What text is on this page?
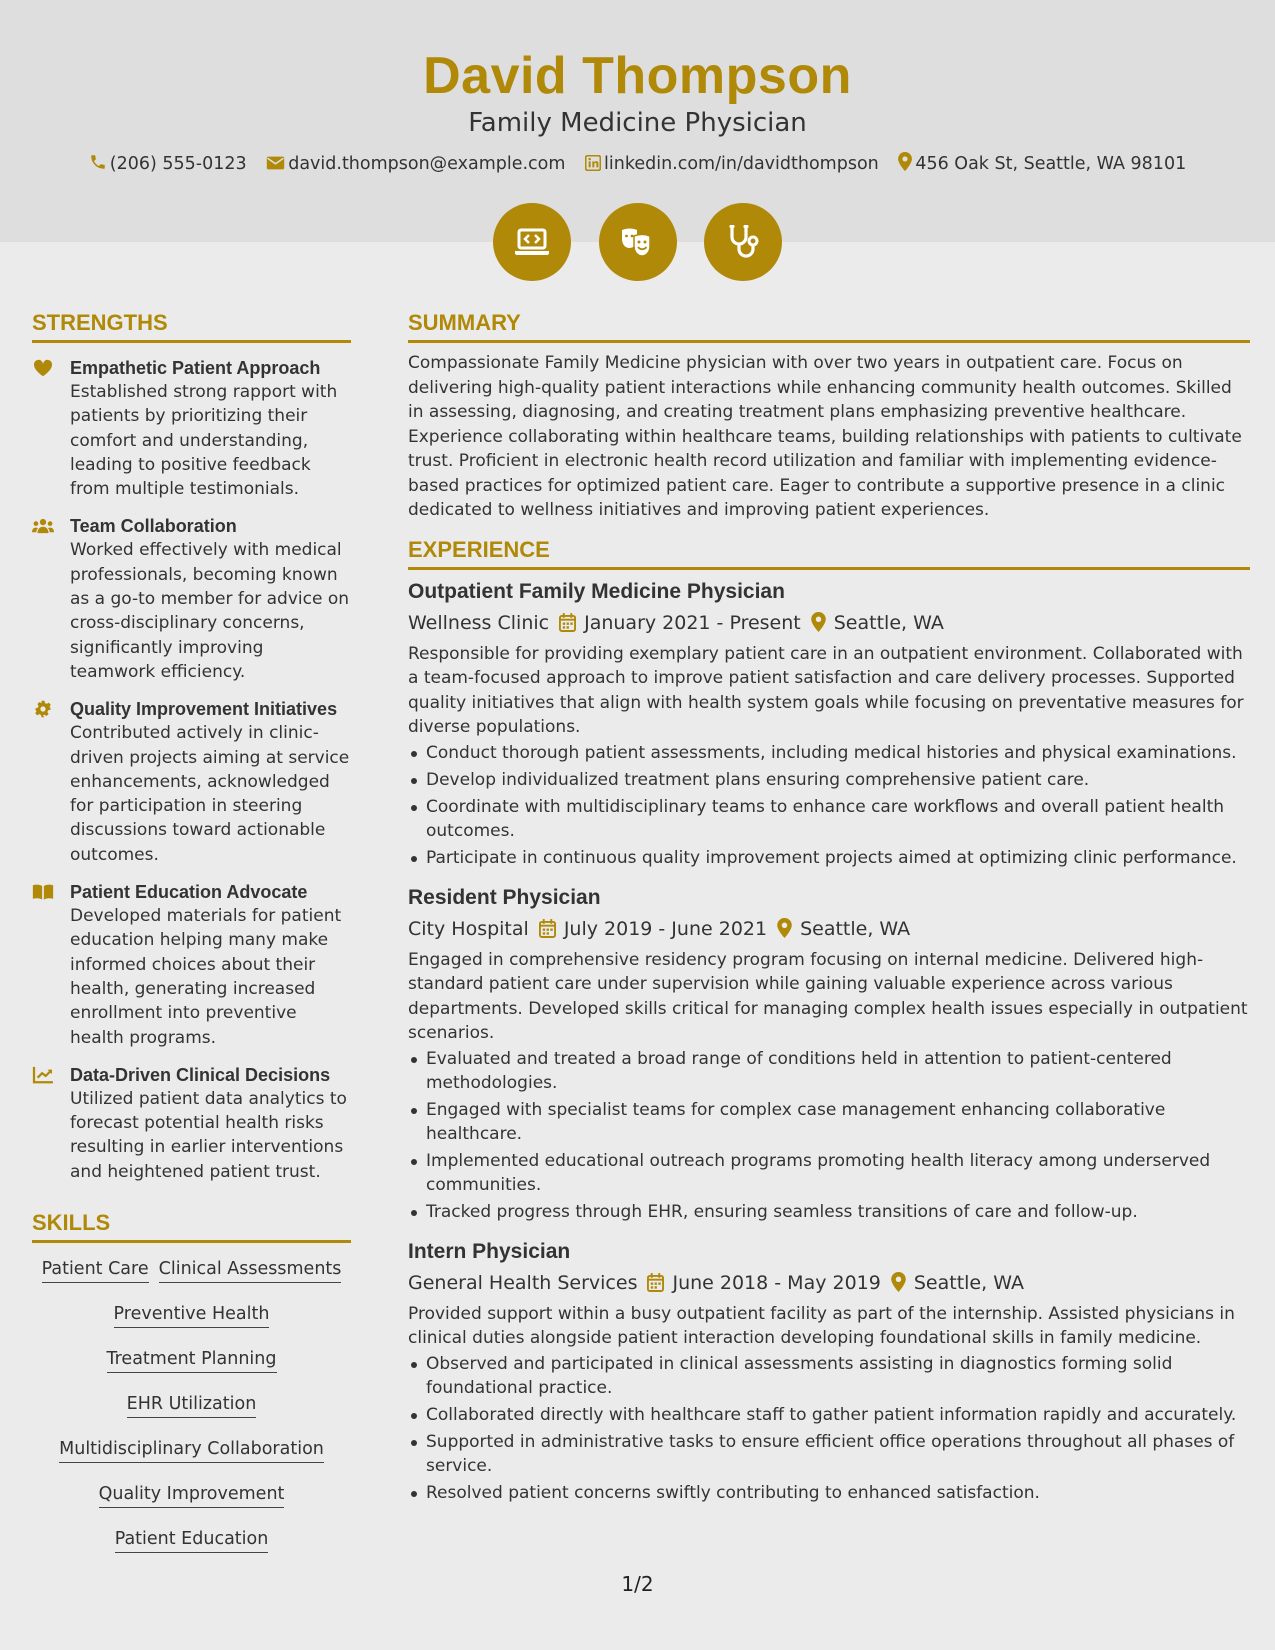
David Thompson
Family Medicine Physician
(206) 555-0123 david.thompson@example.com linkedin.com/in/davidthompson 456 Oak St, Seattle, WA 98101

STRENGTHS
Empathetic Patient Approach

Established strong rapport with patients by prioritizing their comfort and understanding, leading to positive feedback from multiple testimonials.

Team Collaboration

Worked effectively with medical professionals, becoming known as a go-to member for advice on cross-disciplinary concerns, significantly improving teamwork efficiency.

Quality Improvement Initiatives

Contributed actively in clinic-driven projects aiming at service enhancements, acknowledged for participation in steering discussions toward actionable outcomes.

Patient Education Advocate

Developed materials for patient education helping many make informed choices about their health, generating increased enrollment into preventive health programs.

Data-Driven Clinical Decisions

Utilized patient data analytics to forecast potential health risks resulting in earlier interventions and heightened patient trust.

SKILLS
Patient Care Clinical Assessments
Preventive Health
Treatment Planning
EHR Utilization
Multidisciplinary Collaboration
Quality Improvement
Patient Education
SUMMARY

Compassionate Family Medicine physician with over two years in outpatient care. Focus on delivering high-quality patient interactions while enhancing community health outcomes. Skilled in assessing, diagnosing, and creating treatment plans emphasizing preventive healthcare. Experience collaborating within healthcare teams, building relationships with patients to cultivate trust. Proficient in electronic health record utilization and familiar with implementing evidence-based practices for optimized patient care. Eager to contribute a supportive presence in a clinic dedicated to wellness initiatives and improving patient experiences.

EXPERIENCE
Outpatient Family Medicine Physician
Wellness Clinic January 2021 - Present Seattle, WA

Responsible for providing exemplary patient care in an outpatient environment. Collaborated with a team-focused approach to improve patient satisfaction and care delivery processes. Supported quality initiatives that align with health system goals while focusing on preventative measures for diverse populations.

Conduct thorough patient assessments, including medical histories and physical examinations.
Develop individualized treatment plans ensuring comprehensive patient care.
Coordinate with multidisciplinary teams to enhance care workflows and overall patient health outcomes.
Participate in continuous quality improvement projects aimed at optimizing clinic performance.
Resident Physician
City Hospital July 2019 - June 2021 Seattle, WA

Engaged in comprehensive residency program focusing on internal medicine. Delivered high-standard patient care under supervision while gaining valuable experience across various departments. Developed skills critical for managing complex health issues especially in outpatient scenarios.

Evaluated and treated a broad range of conditions held in attention to patient-centered methodologies.
Engaged with specialist teams for complex case management enhancing collaborative healthcare.
Implemented educational outreach programs promoting health literacy among underserved communities.
Tracked progress through EHR, ensuring seamless transitions of care and follow-up.
Intern Physician
General Health Services June 2018 - May 2019 Seattle, WA

Provided support within a busy outpatient facility as part of the internship. Assisted physicians in clinical duties alongside patient interaction developing foundational skills in family medicine.

Observed and participated in clinical assessments assisting in diagnostics forming solid foundational practice.
Collaborated directly with healthcare staff to gather patient information rapidly and accurately.
Supported in administrative tasks to ensure efficient office operations throughout all phases of service.
Resolved patient concerns swiftly contributing to enhanced satisfaction.
1/2
